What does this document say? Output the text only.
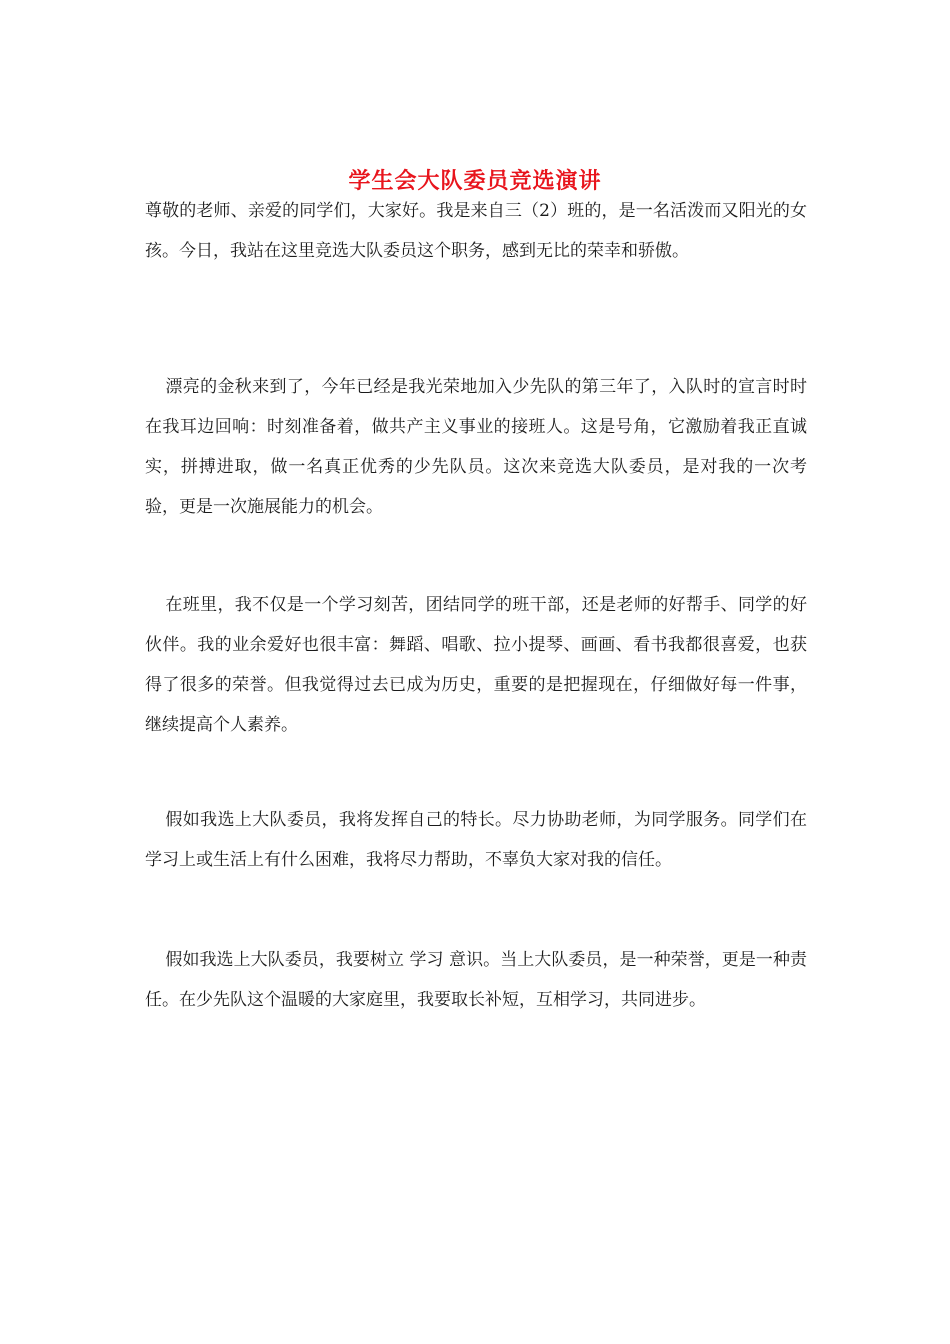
学生会大队委员竞选演讲

尊敬的老师、亲爱的同学们，大家好。我是来自三（2）班的，是一名活泼而又阳光的女孩。今日，我站在这里竞选大队委员这个职务，感到无比的荣幸和骄傲。

漂亮的金秋来到了，今年已经是我光荣地加入少先队的第三年了，入队时的宣言时时在我耳边回响：时刻准备着，做共产主义事业的接班人。这是号角，它激励着我正直诚实，拼搏进取，做一名真正优秀的少先队员。这次来竞选大队委员，是对我的一次考验，更是一次施展能力的机会。

在班里，我不仅是一个学习刻苦，团结同学的班干部，还是老师的好帮手、同学的好伙伴。我的业余爱好也很丰富：舞蹈、唱歌、拉小提琴、画画、看书我都很喜爱，也获得了很多的荣誉。但我觉得过去已成为历史，重要的是把握现在，仔细做好每一件事，继续提高个人素养。

假如我选上大队委员，我将发挥自己的特长。尽力协助老师，为同学服务。同学们在学习上或生活上有什么困难，我将尽力帮助，不辜负大家对我的信任。

假如我选上大队委员，我要树立 学习 意识。当上大队委员，是一种荣誉，更是一种责任。在少先队这个温暖的大家庭里，我要取长补短，互相学习，共同进步。
